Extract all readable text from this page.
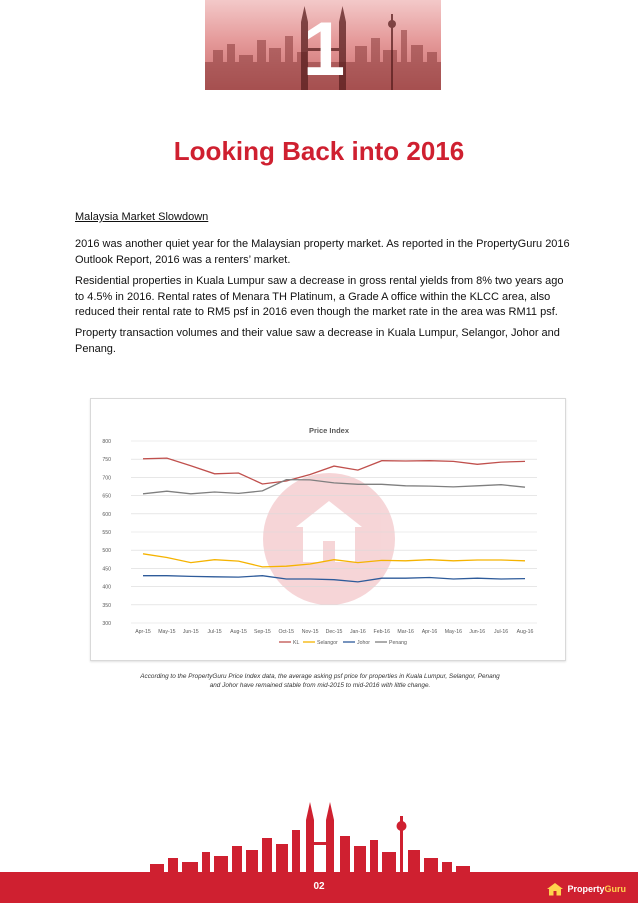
1
Looking Back into 2016
Malaysia Market Slowdown
2016 was another quiet year for the Malaysian property market. As reported in the PropertyGuru 2016 Outlook Report, 2016 was a renters’ market.
Residential properties in Kuala Lumpur saw a decrease in gross rental yields from 8% two years ago to 4.5% in 2016. Rental rates of Menara TH Platinum, a Grade A office within the KLCC area, also reduced their rental rate to RM5 psf in 2016 even though the market rate in the area was RM11 psf.
Property transaction volumes and their value saw a decrease in Kuala Lumpur, Selangor, Johor and Penang.
Price Index
300
350
400
450
500
550
600
650
700
750
800
Apr-15 May-15 Jun-15 Jul-15 Aug-15 Sep-15 Oct-15 Nov-15 Dec-15 Jan-16 Feb-16 Mar-16 Apr-16 May-16 Jun-16 Jul-16 Aug-16
KL	Selangor	Johor	Penang
According to the PropertyGuru Price Index data, the average asking psf price for properties in Kuala Lumpur, Selangor, Penang and Johor have remained stable from mid-2015 to mid-2016 with little change.
02	PropertyGuru
